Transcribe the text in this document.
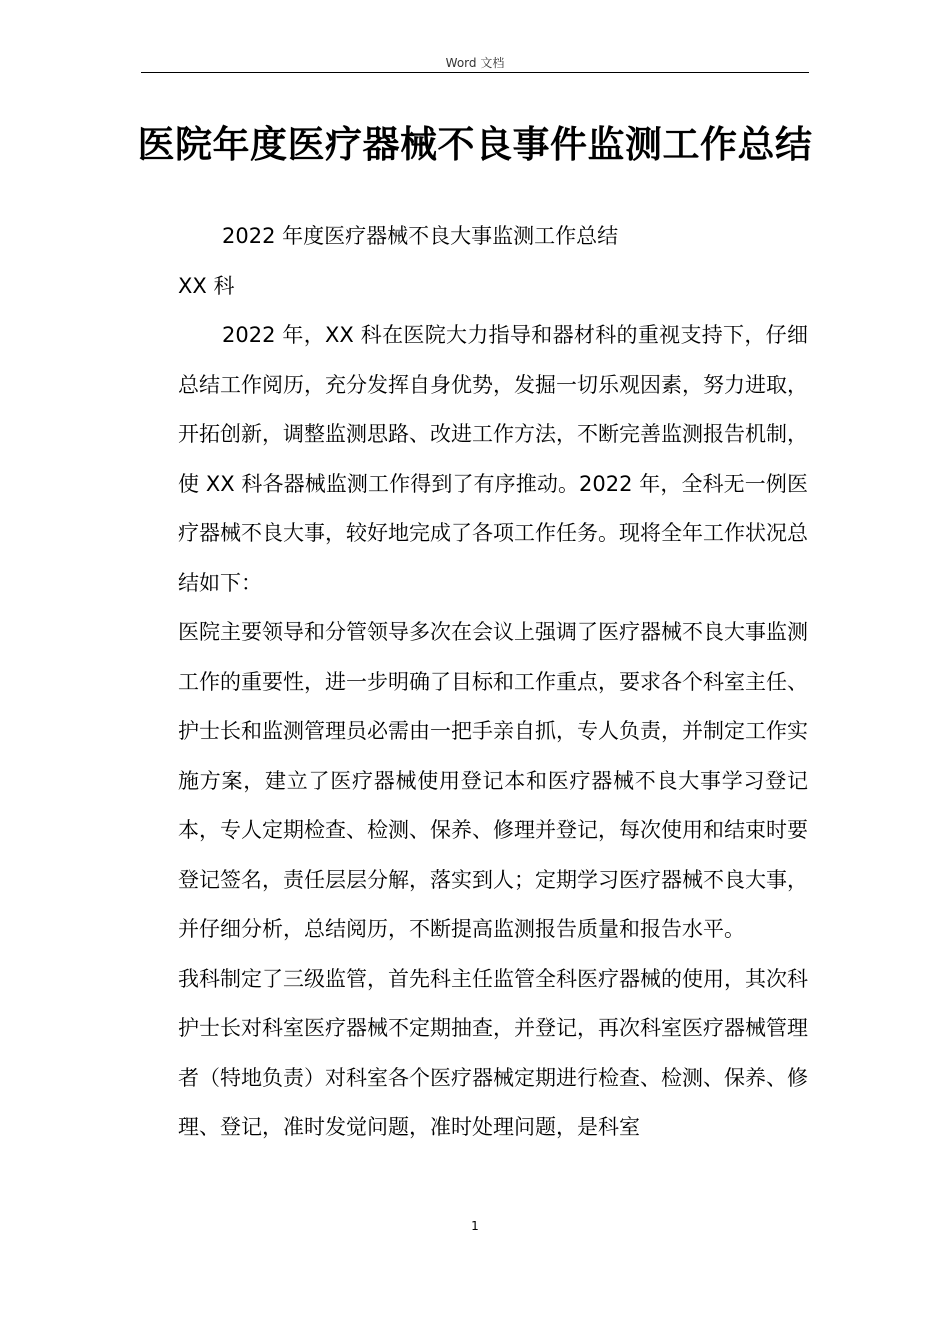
Word 文档
医院年度医疗器械不良事件监测工作总结

2022 年度医疗器械不良大事监测工作总结

XX 科

2022 年，XX 科在医院大力指导和器材科的重视支持下，仔细总结工作阅历，充分发挥自身优势，发掘一切乐观因素，努力进取，开拓创新，调整监测思路、改进工作方法，不断完善监测报告机制，使 XX 科各器械监测工作得到了有序推动。2022 年，全科无一例医疗器械不良大事，较好地完成了各项工作任务。现将全年工作状况总结如下：

医院主要领导和分管领导多次在会议上强调了医疗器械不良大事监测工作的重要性，进一步明确了目标和工作重点，要求各个科室主任、护士长和监测管理员必需由一把手亲自抓，专人负责，并制定工作实施方案，建立了医疗器械使用登记本和医疗器械不良大事学习登记本，专人定期检查、检测、保养、修理并登记，每次使用和结束时要登记签名，责任层层分解，落实到人；定期学习医疗器械不良大事，并仔细分析，总结阅历，不断提高监测报告质量和报告水平。

我科制定了三级监管，首先科主任监管全科医疗器械的使用，其次科护士长对科室医疗器械不定期抽查，并登记，再次科室医疗器械管理者（特地负责）对科室各个医疗器械定期进行检查、检测、保养、修理、登记，准时发觉问题，准时处理问题，是科室

1
